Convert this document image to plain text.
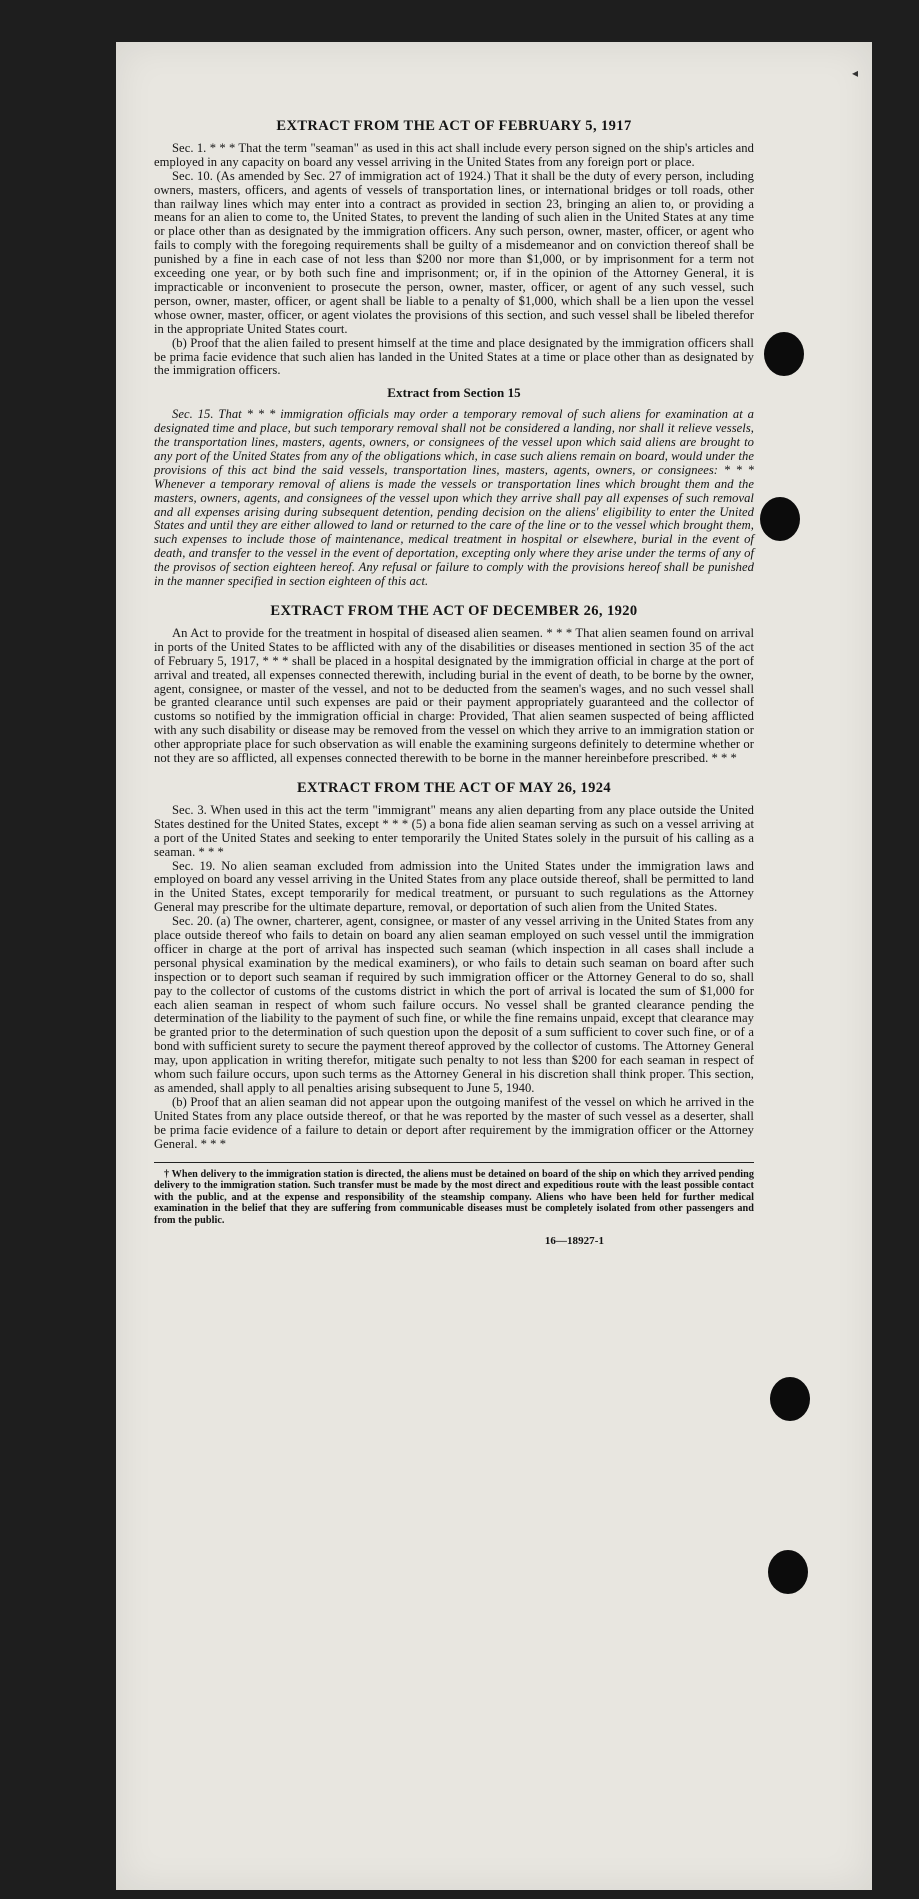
◂
EXTRACT FROM THE ACT OF FEBRUARY 5, 1917

Sec. 1. * * * That the term "seaman" as used in this act shall include every person signed on the ship's articles and employed in any capacity on board any vessel arriving in the United States from any foreign port or place.

Sec. 10. (As amended by Sec. 27 of immigration act of 1924.) That it shall be the duty of every person, including owners, masters, officers, and agents of vessels of transportation lines, or international bridges or toll roads, other than railway lines which may enter into a contract as provided in section 23, bringing an alien to, or providing a means for an alien to come to, the United States, to prevent the landing of such alien in the United States at any time or place other than as designated by the immigration officers. Any such person, owner, master, officer, or agent who fails to comply with the foregoing requirements shall be guilty of a misdemeanor and on conviction thereof shall be punished by a fine in each case of not less than $200 nor more than $1,000, or by imprisonment for a term not exceeding one year, or by both such fine and imprisonment; or, if in the opinion of the Attorney General, it is impracticable or inconvenient to prosecute the person, owner, master, officer, or agent of any such vessel, such person, owner, master, officer, or agent shall be liable to a penalty of $1,000, which shall be a lien upon the vessel whose owner, master, officer, or agent violates the provisions of this section, and such vessel shall be libeled therefor in the appropriate United States court.

(b) Proof that the alien failed to present himself at the time and place designated by the immigration officers shall be prima facie evidence that such alien has landed in the United States at a time or place other than as designated by the immigration officers.

Extract from Section 15

Sec. 15. That * * * immigration officials may order a temporary removal of such aliens for examination at a designated time and place, but such temporary removal shall not be considered a landing, nor shall it relieve vessels, the transportation lines, masters, agents, owners, or consignees of the vessel upon which said aliens are brought to any port of the United States from any of the obligations which, in case such aliens remain on board, would under the provisions of this act bind the said vessels, transportation lines, masters, agents, owners, or consignees: * * * Whenever a temporary removal of aliens is made the vessels or transportation lines which brought them and the masters, owners, agents, and consignees of the vessel upon which they arrive shall pay all expenses of such removal and all expenses arising during subsequent detention, pending decision on the aliens' eligibility to enter the United States and until they are either allowed to land or returned to the care of the line or to the vessel which brought them, such expenses to include those of maintenance, medical treatment in hospital or elsewhere, burial in the event of death, and transfer to the vessel in the event of deportation, excepting only where they arise under the terms of any of the provisos of section eighteen hereof. Any refusal or failure to comply with the provisions hereof shall be punished in the manner specified in section eighteen of this act.

EXTRACT FROM THE ACT OF DECEMBER 26, 1920

An Act to provide for the treatment in hospital of diseased alien seamen. * * * That alien seamen found on arrival in ports of the United States to be afflicted with any of the disabilities or diseases mentioned in section 35 of the act of February 5, 1917, * * * shall be placed in a hospital designated by the immigration official in charge at the port of arrival and treated, all expenses connected therewith, including burial in the event of death, to be borne by the owner, agent, consignee, or master of the vessel, and not to be deducted from the seamen's wages, and no such vessel shall be granted clearance until such expenses are paid or their payment appropriately guaranteed and the collector of customs so notified by the immigration official in charge: Provided, That alien seamen suspected of being afflicted with any such disability or disease may be removed from the vessel on which they arrive to an immigration station or other appropriate place for such observation as will enable the examining surgeons definitely to determine whether or not they are so afflicted, all expenses connected therewith to be borne in the manner hereinbefore prescribed. * * *

EXTRACT FROM THE ACT OF MAY 26, 1924

Sec. 3. When used in this act the term "immigrant" means any alien departing from any place outside the United States destined for the United States, except * * * (5) a bona fide alien seaman serving as such on a vessel arriving at a port of the United States and seeking to enter temporarily the United States solely in the pursuit of his calling as a seaman. * * *

Sec. 19. No alien seaman excluded from admission into the United States under the immigration laws and employed on board any vessel arriving in the United States from any place outside thereof, shall be permitted to land in the United States, except temporarily for medical treatment, or pursuant to such regulations as the Attorney General may prescribe for the ultimate departure, removal, or deportation of such alien from the United States.

Sec. 20. (a) The owner, charterer, agent, consignee, or master of any vessel arriving in the United States from any place outside thereof who fails to detain on board any alien seaman employed on such vessel until the immigration officer in charge at the port of arrival has inspected such seaman (which inspection in all cases shall include a personal physical examination by the medical examiners), or who fails to detain such seaman on board after such inspection or to deport such seaman if required by such immigration officer or the Attorney General to do so, shall pay to the collector of customs of the customs district in which the port of arrival is located the sum of $1,000 for each alien seaman in respect of whom such failure occurs. No vessel shall be granted clearance pending the determination of the liability to the payment of such fine, or while the fine remains unpaid, except that clearance may be granted prior to the determination of such question upon the deposit of a sum sufficient to cover such fine, or of a bond with sufficient surety to secure the payment thereof approved by the collector of customs. The Attorney General may, upon application in writing therefor, mitigate such penalty to not less than $200 for each seaman in respect of whom such failure occurs, upon such terms as the Attorney General in his discretion shall think proper. This section, as amended, shall apply to all penalties arising subsequent to June 5, 1940.

(b) Proof that an alien seaman did not appear upon the outgoing manifest of the vessel on which he arrived in the United States from any place outside thereof, or that he was reported by the master of such vessel as a deserter, shall be prima facie evidence of a failure to detain or deport after requirement by the immigration officer or the Attorney General. * * *

† When delivery to the immigration station is directed, the aliens must be detained on board of the ship on which they arrived pending delivery to the immigration station. Such transfer must be made by the most direct and expeditious route with the least possible contact with the public, and at the expense and responsibility of the steamship company. Aliens who have been held for further medical examination in the belief that they are suffering from communicable diseases must be completely isolated from other passengers and from the public.
16—18927-1
